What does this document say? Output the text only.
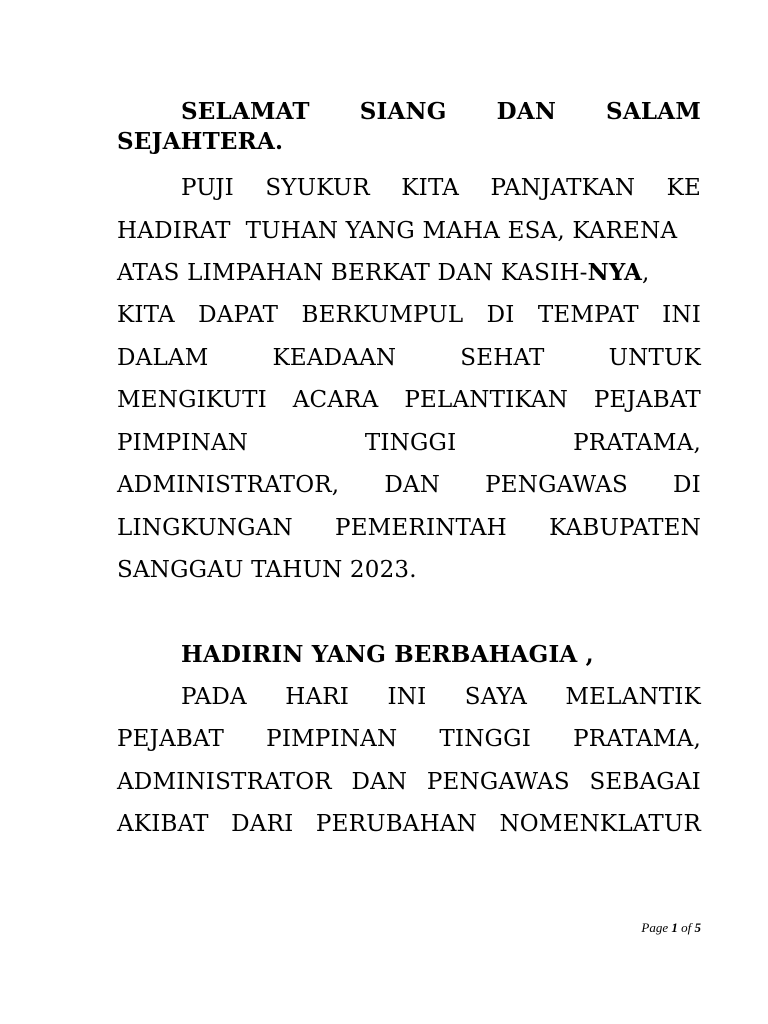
SELAMAT SIANG DAN SALAM
SEJAHTERA.
PUJI SYUKUR KITA PANJATKAN KE
HADIRAT  TUHAN YANG MAHA ESA, KARENA
ATAS LIMPAHAN BERKAT DAN KASIH- NYA ,
KITA DAPAT BERKUMPUL DI TEMPAT INI
DALAM	KEADAAN	SEHAT	UNTUK
MENGIKUTI ACARA PELANTIKAN PEJABAT
PIMPINAN	TINGGI	PRATAMA,
ADMINISTRATOR, DAN PENGAWAS DI
LINGKUNGAN PEMERINTAH KABUPATEN
SANGGAU TAHUN 2023.
HADIRIN YANG BERBAHAGIA ,
PADA HARI INI SAYA MELANTIK
PEJABAT PIMPINAN TINGGI PRATAMA,
ADMINISTRATOR DAN PENGAWAS SEBAGAI
AKIBAT DARI PERUBAHAN NOMENKLATUR
Page 1 of 5
